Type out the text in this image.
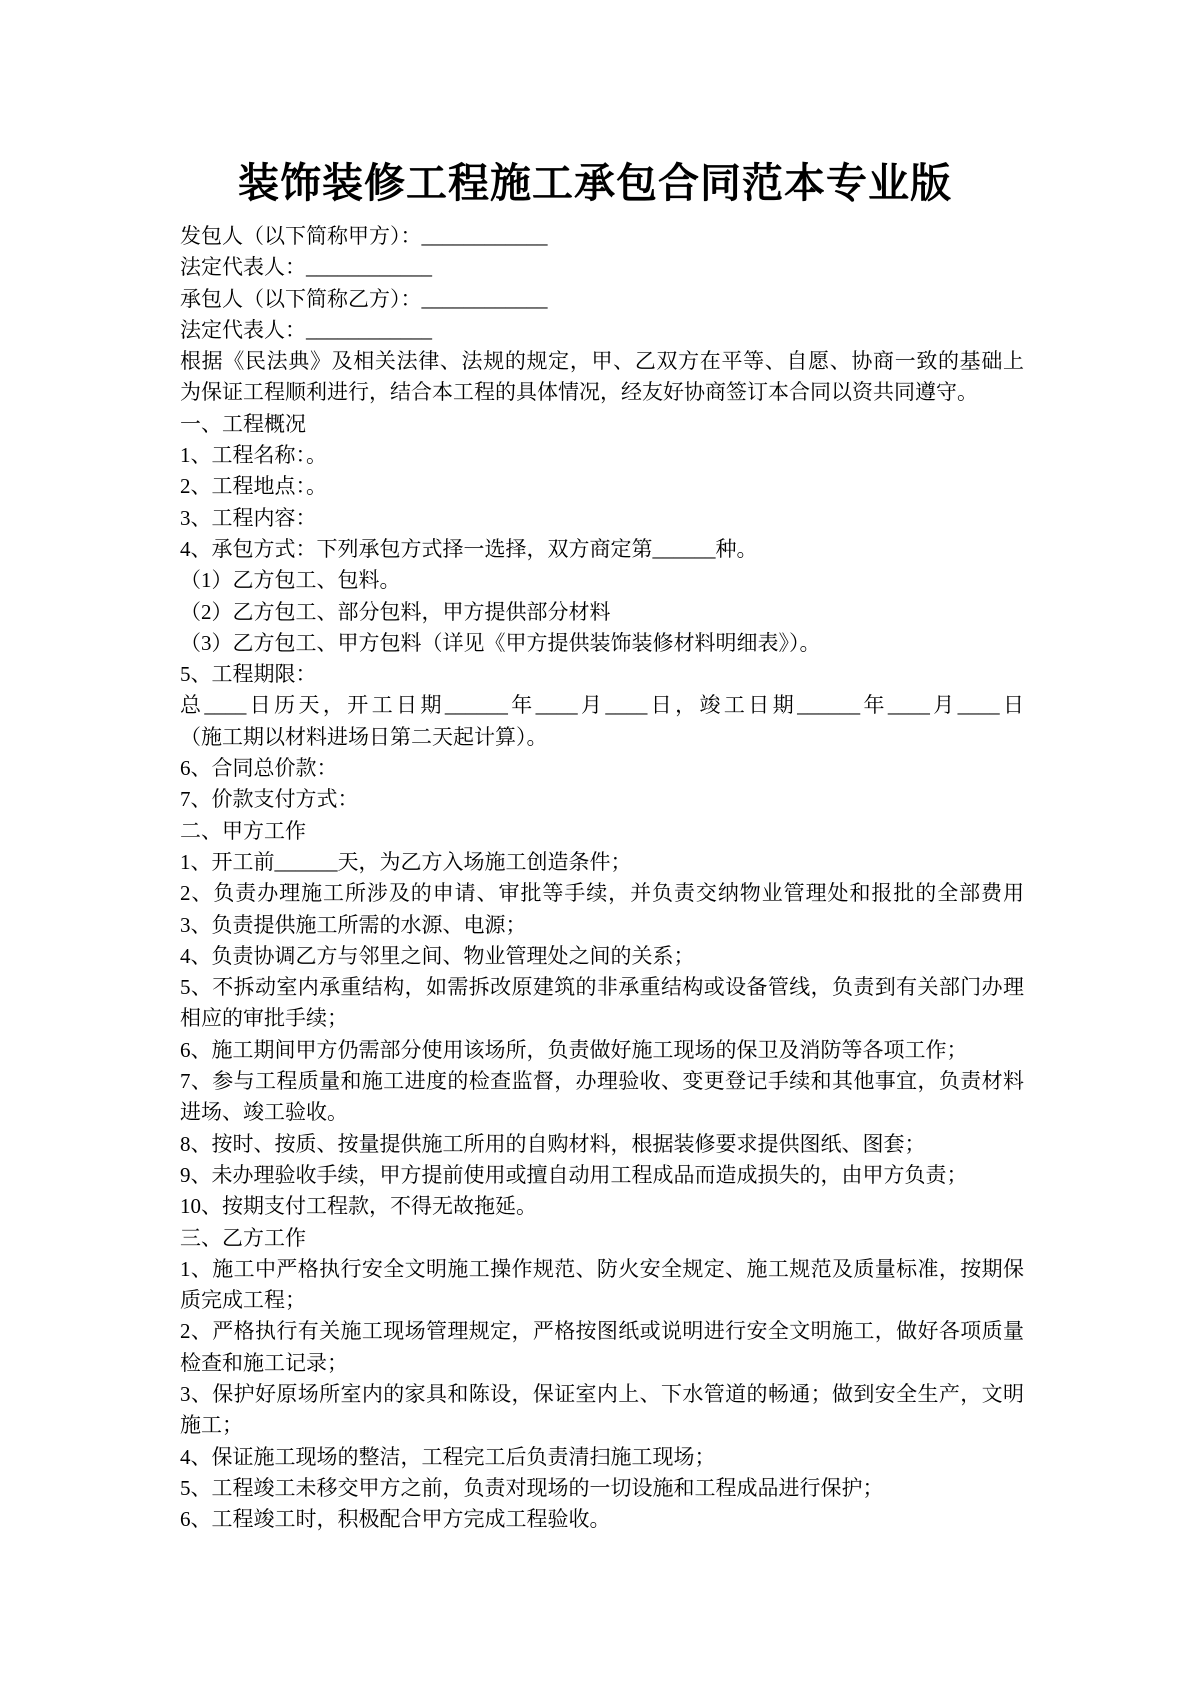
装饰装修工程施工承包合同范本专业版
发包人（以下简称甲方）：____________
法定代表人：____________
承包人（以下简称乙方）：____________
法定代表人：____________
根据《民法典》及相关法律、法规的规定，甲、乙双方在平等、自愿、协商一致的基础上
为保证工程顺利进行，结合本工程的具体情况，经友好协商签订本合同以资共同遵守。
一、工程概况
1、工程名称：。
2、工程地点：。
3、工程内容：
4、承包方式：下列承包方式择一选择，双方商定第______种。
（1）乙方包工、包料。
（2）乙方包工、部分包料，甲方提供部分材料
（3）乙方包工、甲方包料（详见《甲方提供装饰装修材料明细表》）。
5、工程期限：
总____日历天，开工日期______年____月____日，竣工日期______年____月____日
（施工期以材料进场日第二天起计算）。
6、合同总价款：
7、价款支付方式：
二、甲方工作
1、开工前______天，为乙方入场施工创造条件；
2、负责办理施工所涉及的申请、审批等手续，并负责交纳物业管理处和报批的全部费用
3、负责提供施工所需的水源、电源；
4、负责协调乙方与邻里之间、物业管理处之间的关系；
5、不拆动室内承重结构，如需拆改原建筑的非承重结构或设备管线，负责到有关部门办理
相应的审批手续；
6、施工期间甲方仍需部分使用该场所，负责做好施工现场的保卫及消防等各项工作；
7、参与工程质量和施工进度的检查监督，办理验收、变更登记手续和其他事宜，负责材料
进场、竣工验收。
8、按时、按质、按量提供施工所用的自购材料，根据装修要求提供图纸、图套；
9、未办理验收手续，甲方提前使用或擅自动用工程成品而造成损失的，由甲方负责；
10、按期支付工程款，不得无故拖延。
三、乙方工作
1、施工中严格执行安全文明施工操作规范、防火安全规定、施工规范及质量标准，按期保
质完成工程；
2、严格执行有关施工现场管理规定，严格按图纸或说明进行安全文明施工，做好各项质量
检查和施工记录；
3、保护好原场所室内的家具和陈设，保证室内上、下水管道的畅通；做到安全生产，文明
施工；
4、保证施工现场的整洁，工程完工后负责清扫施工现场；
5、工程竣工未移交甲方之前，负责对现场的一切设施和工程成品进行保护；
6、工程竣工时，积极配合甲方完成工程验收。
